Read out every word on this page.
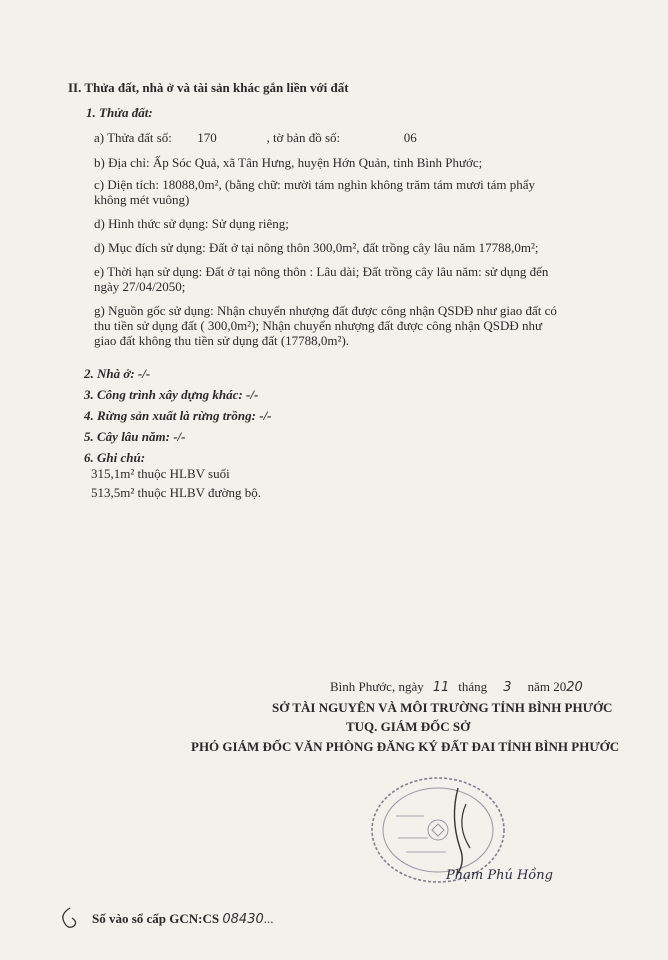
II. Thửa đất, nhà ở và tài sản khác gắn liền với đất
1. Thửa đất:
a) Thửa đất số: 170	, tờ bản đồ số:	06
b) Địa chỉ: Ấp Sóc Quả, xã Tân Hưng, huyện Hớn Quản, tỉnh Bình Phước;
c) Diện tích: 18088,0m², (bằng chữ: mười tám nghìn không trăm tám mươi tám phẩy
không mét vuông)
d) Hình thức sử dụng: Sử dụng riêng;
d) Mục đích sử dụng: Đất ở tại nông thôn 300,0m², đất trồng cây lâu năm 17788,0m²;
e) Thời hạn sử dụng: Đất ở tại nông thôn : Lâu dài; Đất trồng cây lâu năm: sử dụng đến
ngày 27/04/2050;
g) Nguồn gốc sử dụng: Nhận chuyển nhượng đất được công nhận QSDĐ như giao đất có
thu tiền sử dụng đất ( 300,0m²); Nhận chuyển nhượng đất được công nhận QSDĐ như
giao đất không thu tiền sử dụng đất (17788,0m²).
2. Nhà ở: -/-
3. Công trình xây dựng khác: -/-
4. Rừng sản xuất là rừng trồng: -/-
5. Cây lâu năm: -/-
6. Ghi chú:
315,1m² thuộc HLBV suối
513,5m² thuộc HLBV đường bộ.
Bình Phước, ngày 11 tháng 3 năm 2020
SỞ TÀI NGUYÊN VÀ MÔI TRƯỜNG TỈNH BÌNH PHƯỚC
TUQ. GIÁM ĐỐC SỞ
PHÓ GIÁM ĐỐC VĂN PHÒNG ĐĂNG KÝ ĐẤT ĐAI TỈNH BÌNH PHƯỚC
Phạm Phú Hồng
Số vào sổ cấp GCN:CS 08430...
